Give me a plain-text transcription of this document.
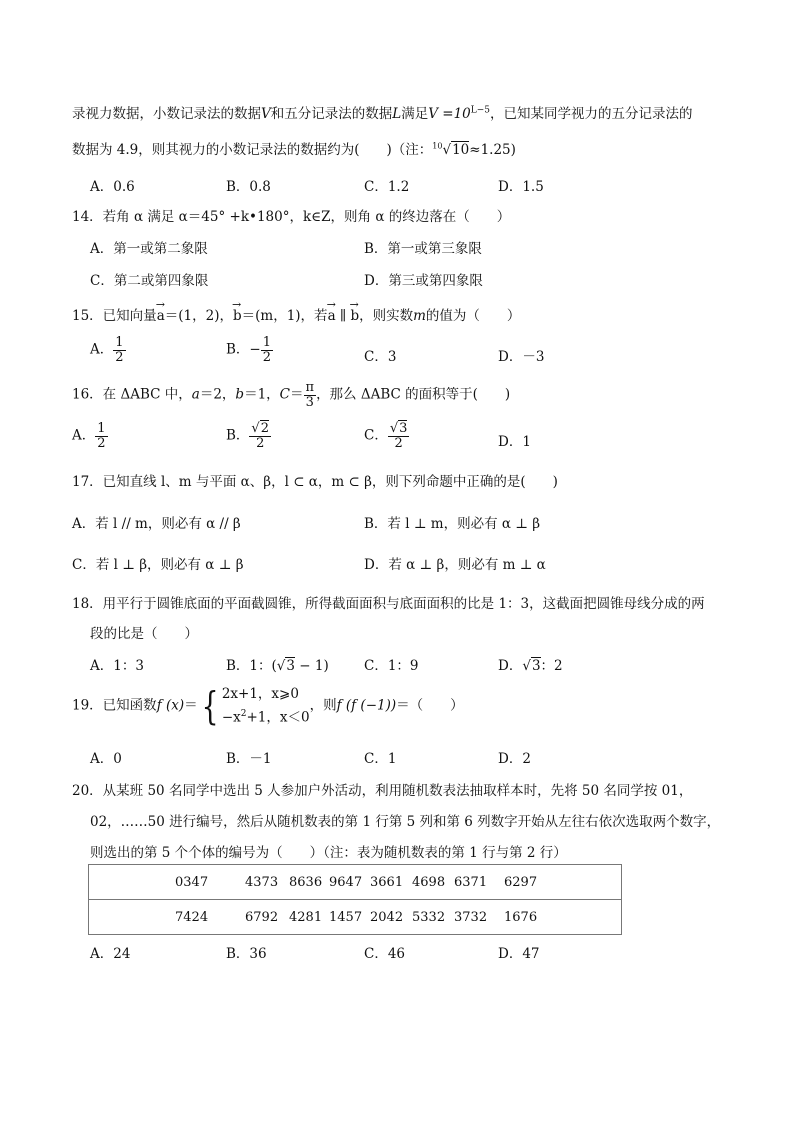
录视力数据，小数记录法的数据V和五分记录法的数据L满足$V =10^{L-5}$，已知某同学视力的五分记录法的
数据为 4.9，则其视力的小数记录法的数据约为(　　)（注：$^{10}$√10≈1.25)
A．0.6	B．0.8	C．1.2	D．1.5
14．若角 α 满足 α＝45° +k•180°，k∈Z，则角 α 的终边落在（　　）
A．第一或第二象限	B．第一或第三象限
C．第二或第四象限	D．第三或第四象限
15．已知向量→ a＝(1，2)，→ b＝(m，1)，若→ a ∥ → b，则实数m的值为（　　）
A． $\frac{1}{2}$	B．− $\frac{1}{2}$	C．3	D．－3
16．在 ΔABC 中，a＝2，b＝1，$C= \frac{\pi}{3}$ ，那么 ΔABC 的面积等于(　　)
A． $\frac{1}{2}$	B． $\frac{√2}{2}$	C． $\frac{√3}{2}$	D．1
17．已知直线 l、m 与平面 α、β，l ⊂ α，m ⊂ β，则下列命题中正确的是(　　)
A．若 l // m，则必有 α // β	B．若 l ⊥ m，则必有 α ⊥ β
C．若 l ⊥ β，则必有 α ⊥ β	D．若 α ⊥ β，则必有 m ⊥ α
18．用平行于圆锥底面的平面截圆锥，所得截面面积与底面面积的比是 1：3，这截面把圆锥母线分成的两
段的比是（　　）
A．1：3	B．1：(√3 − 1)	C．1：9	D．√3：2
19．已知函数f (x)＝{ 2x+1，x⩾0
$-x^2+1$，x＜0
，则f (f (−1))＝（　　）
A．0	B．－1	C．1	D．2
20．从某班 50 名同学中选出 5 人参加户外活动，利用随机数表法抽取样本时，先将 50 名同学按 01，
02，……50 进行编号，然后从随机数表的第 1 行第 5 列和第 6 列数字开始从左往右依次选取两个数字，
则选出的第 5 个个体的编号为（　　）（注：表为随机数表的第 1 行与第 2 行）
	0347	4373	8636	9647	3661	4698	6371	6297
	7424	6792	4281	1457	2042	5332	3732	1676
A．24	B．36	C．46	D．47
